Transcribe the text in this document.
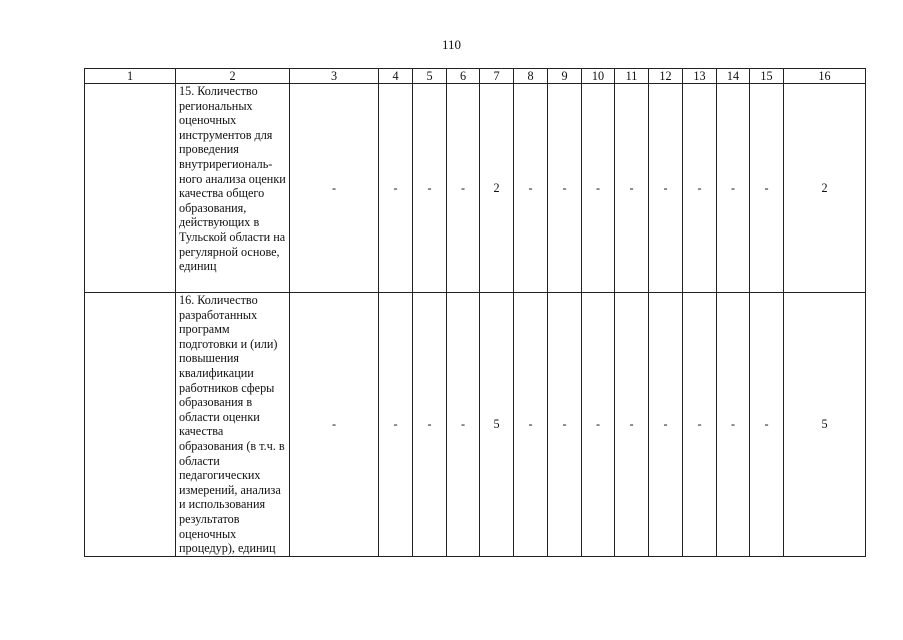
110
1	2	3	4	5	6	7	8	9	10	11	12	13	14	15	16
	15. Количество региональных оценочных инструментов для проведения внутрирегиональ-ного анализа оценки качества общего образования, действующих в Тульской области на регулярной основе, единиц	-	-	-	-	2	-	-	-	-	-	-	-	-	2
	16. Количество разработанных программ подготовки и (или) повышения квалификации работников сферы образования в области оценки качества образования (в т.ч. в области педагогических измерений, анализа и использования результатов оценочных процедур), единиц	-	-	-	-	5	-	-	-	-	-	-	-	-	5
